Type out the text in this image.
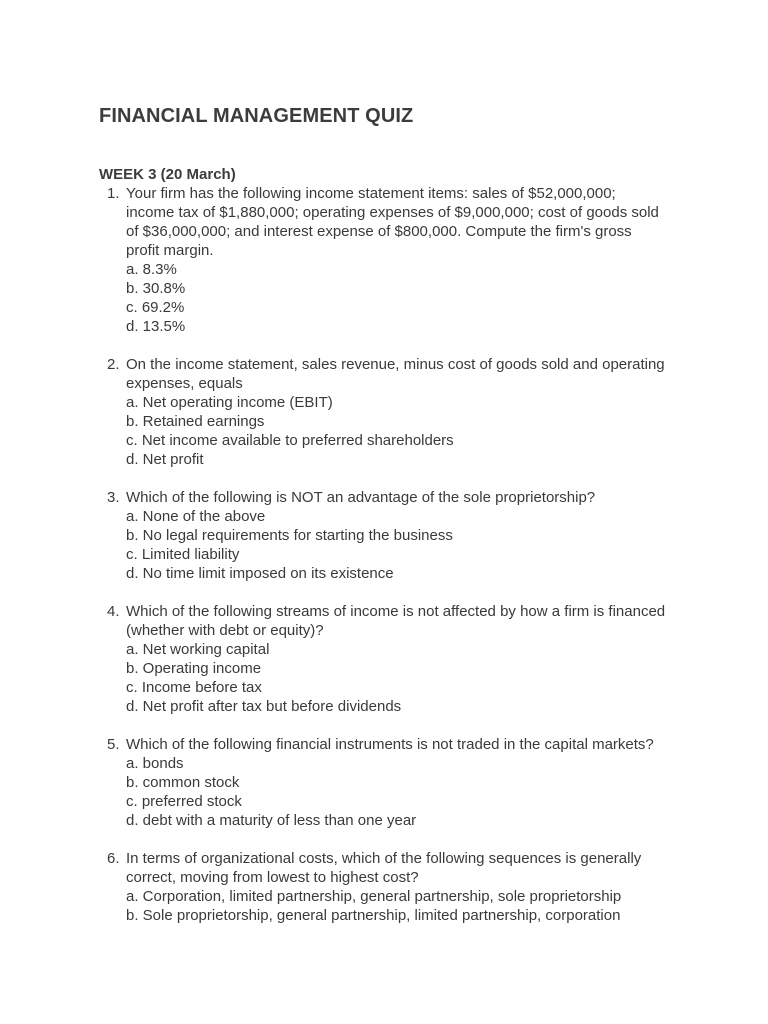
FINANCIAL MANAGEMENT QUIZ
WEEK 3 (20 March)
1. Your firm has the following income statement items: sales of $52,000,000; income tax of $1,880,000; operating expenses of $9,000,000; cost of goods sold of $36,000,000; and interest expense of $800,000. Compute the firm's gross profit margin.
a. 8.3%
b. 30.8%
c. 69.2%
d. 13.5%
2. On the income statement, sales revenue, minus cost of goods sold and operating expenses, equals
a. Net operating income (EBIT)
b. Retained earnings
c. Net income available to preferred shareholders
d. Net profit
3. Which of the following is NOT an advantage of the sole proprietorship?
a. None of the above
b. No legal requirements for starting the business
c. Limited liability
d. No time limit imposed on its existence
4. Which of the following streams of income is not affected by how a firm is financed (whether with debt or equity)?
a. Net working capital
b. Operating income
c. Income before tax
d. Net profit after tax but before dividends
5. Which of the following financial instruments is not traded in the capital markets?
a. bonds
b. common stock
c. preferred stock
d. debt with a maturity of less than one year
6. In terms of organizational costs, which of the following sequences is generally correct, moving from lowest to highest cost?
a. Corporation, limited partnership, general partnership, sole proprietorship
b. Sole proprietorship, general partnership, limited partnership, corporation
